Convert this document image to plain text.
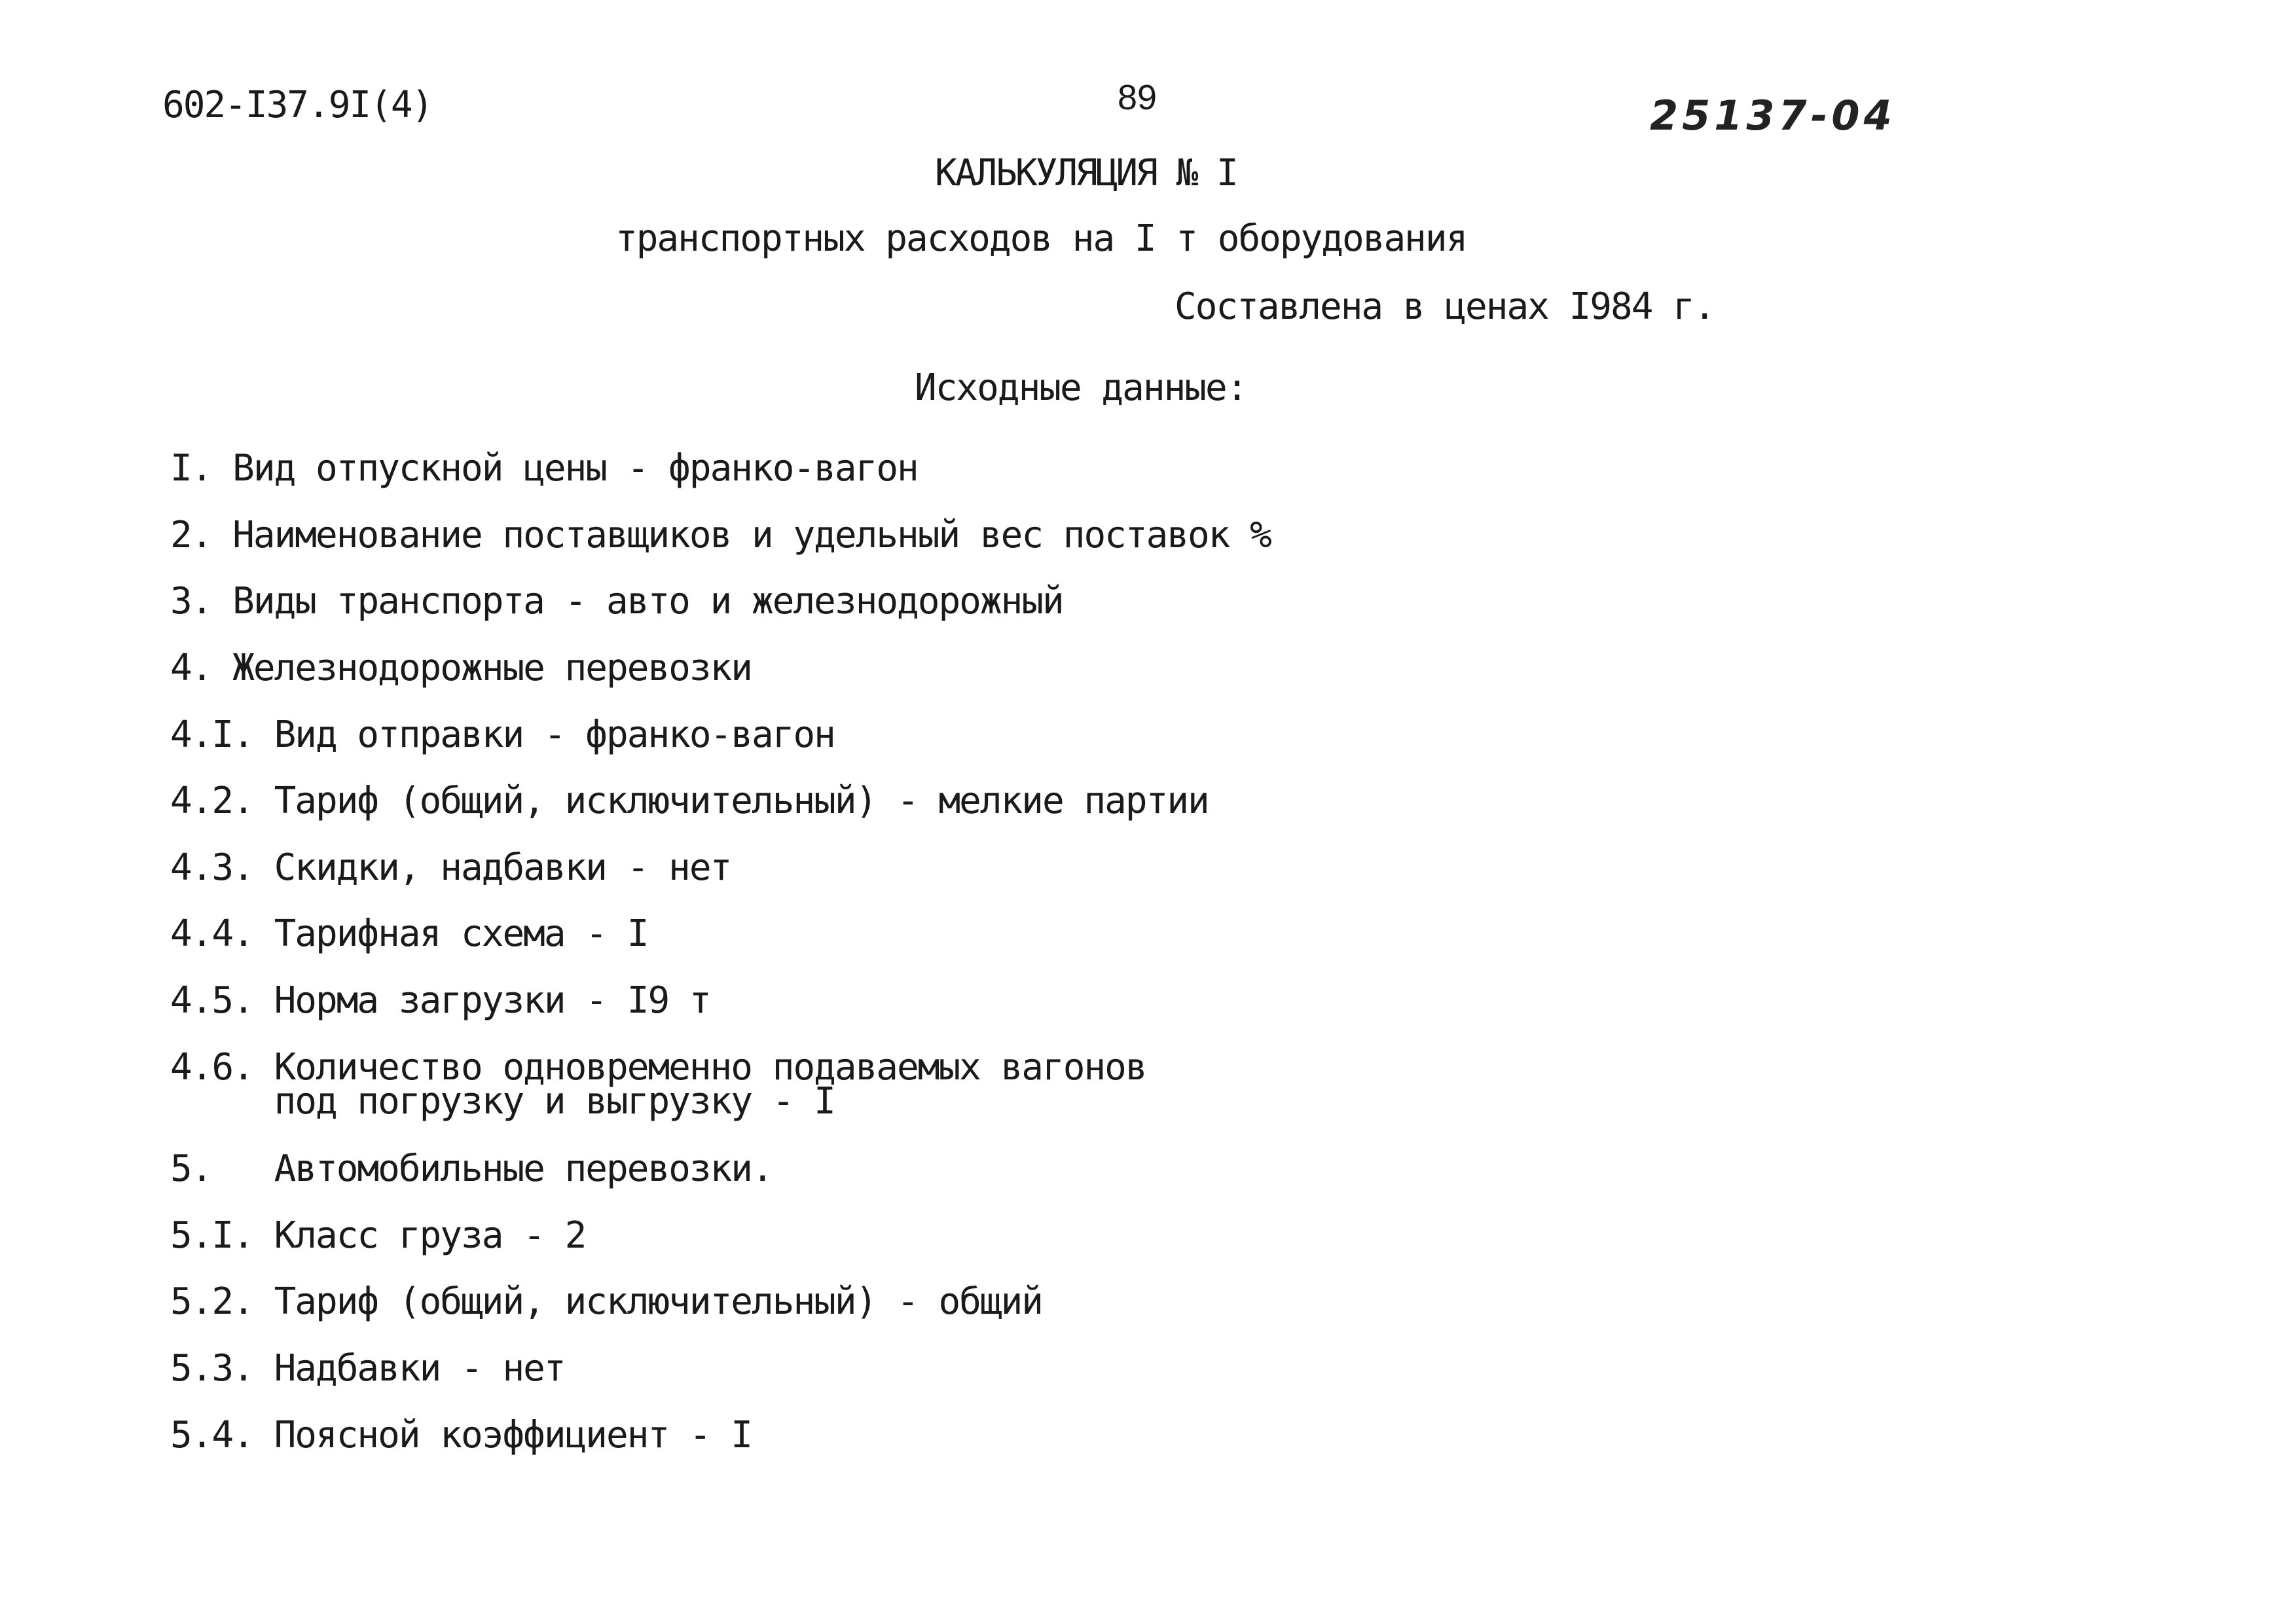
602-I37.9I(4)	89	25137-04
КАЛЬКУЛЯЦИЯ № I
транспортных расходов на I т оборудования
Составлена в ценах I984 г.
Исходные данные:
I. Вид отпускной цены - франко-вагон
2. Наименование поставщиков и удельный вес поставок %
3. Виды транспорта - авто и железнодорожный
4. Железнодорожные перевозки
4.I. Вид отправки - франко-вагон
4.2. Тариф (общий, исключительный) - мелкие партии
4.3. Скидки, надбавки - нет
4.4. Тарифная схема - I
4.5. Норма загрузки - I9 т
4.6. Количество одновременно подаваемых вагонов
под погрузку и выгрузку - I
5.   Автомобильные перевозки.
5.I. Класс груза - 2
5.2. Тариф (общий, исключительный) - общий
5.3. Надбавки - нет
5.4. Поясной коэффициент - I
